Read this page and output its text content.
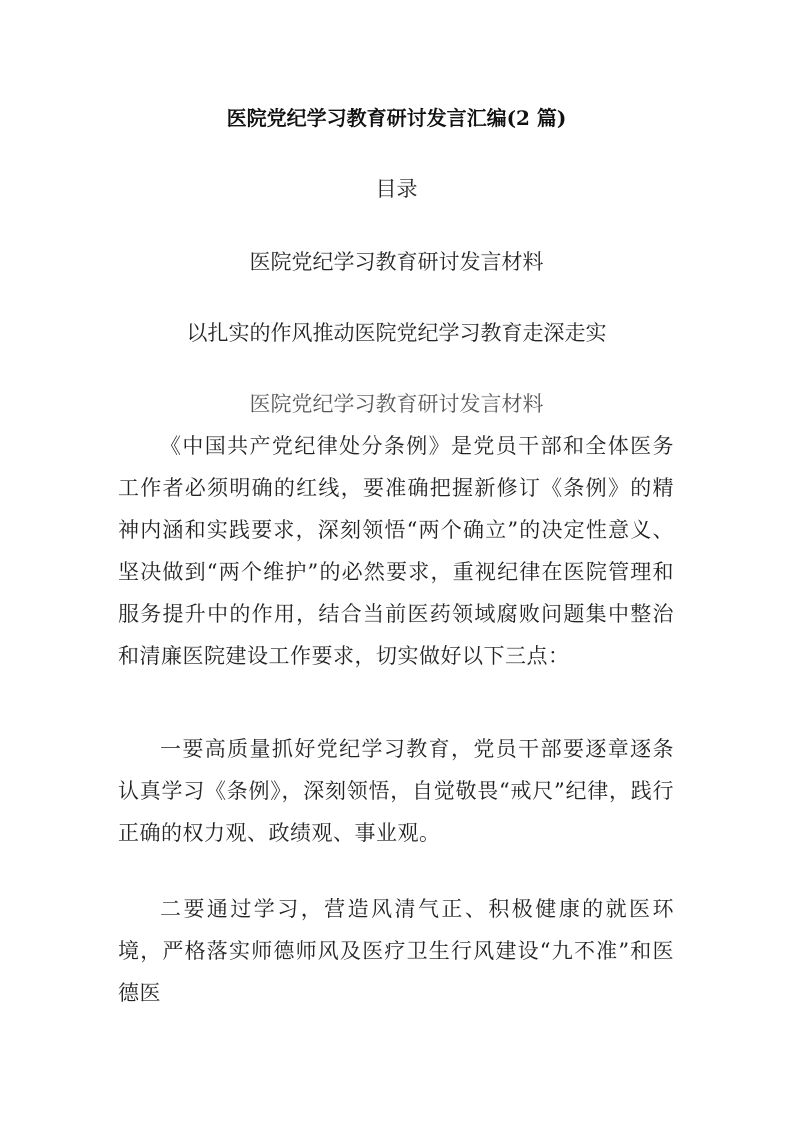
医院党纪学习教育研讨发言汇编(2 篇)
目录
医院党纪学习教育研讨发言材料
以扎实的作风推动医院党纪学习教育走深走实
医院党纪学习教育研讨发言材料

《中国共产党纪律处分条例》是党员干部和全体医务工作者必须明确的红线，要准确把握新修订《条例》的精神内涵和实践要求，深刻领悟“两个确立”的决定性意义、坚决做到“两个维护”的必然要求，重视纪律在医院管理和服务提升中的作用，结合当前医药领域腐败问题集中整治和清廉医院建设工作要求，切实做好以下三点：

一要高质量抓好党纪学习教育，党员干部要逐章逐条认真学习《条例》，深刻领悟，自觉敬畏“戒尺”纪律，践行正确的权力观、政绩观、事业观。

二要通过学习，营造风清气正、积极健康的就医环境，严格落实师德师风及医疗卫生行风建设“九不准”和医德医
